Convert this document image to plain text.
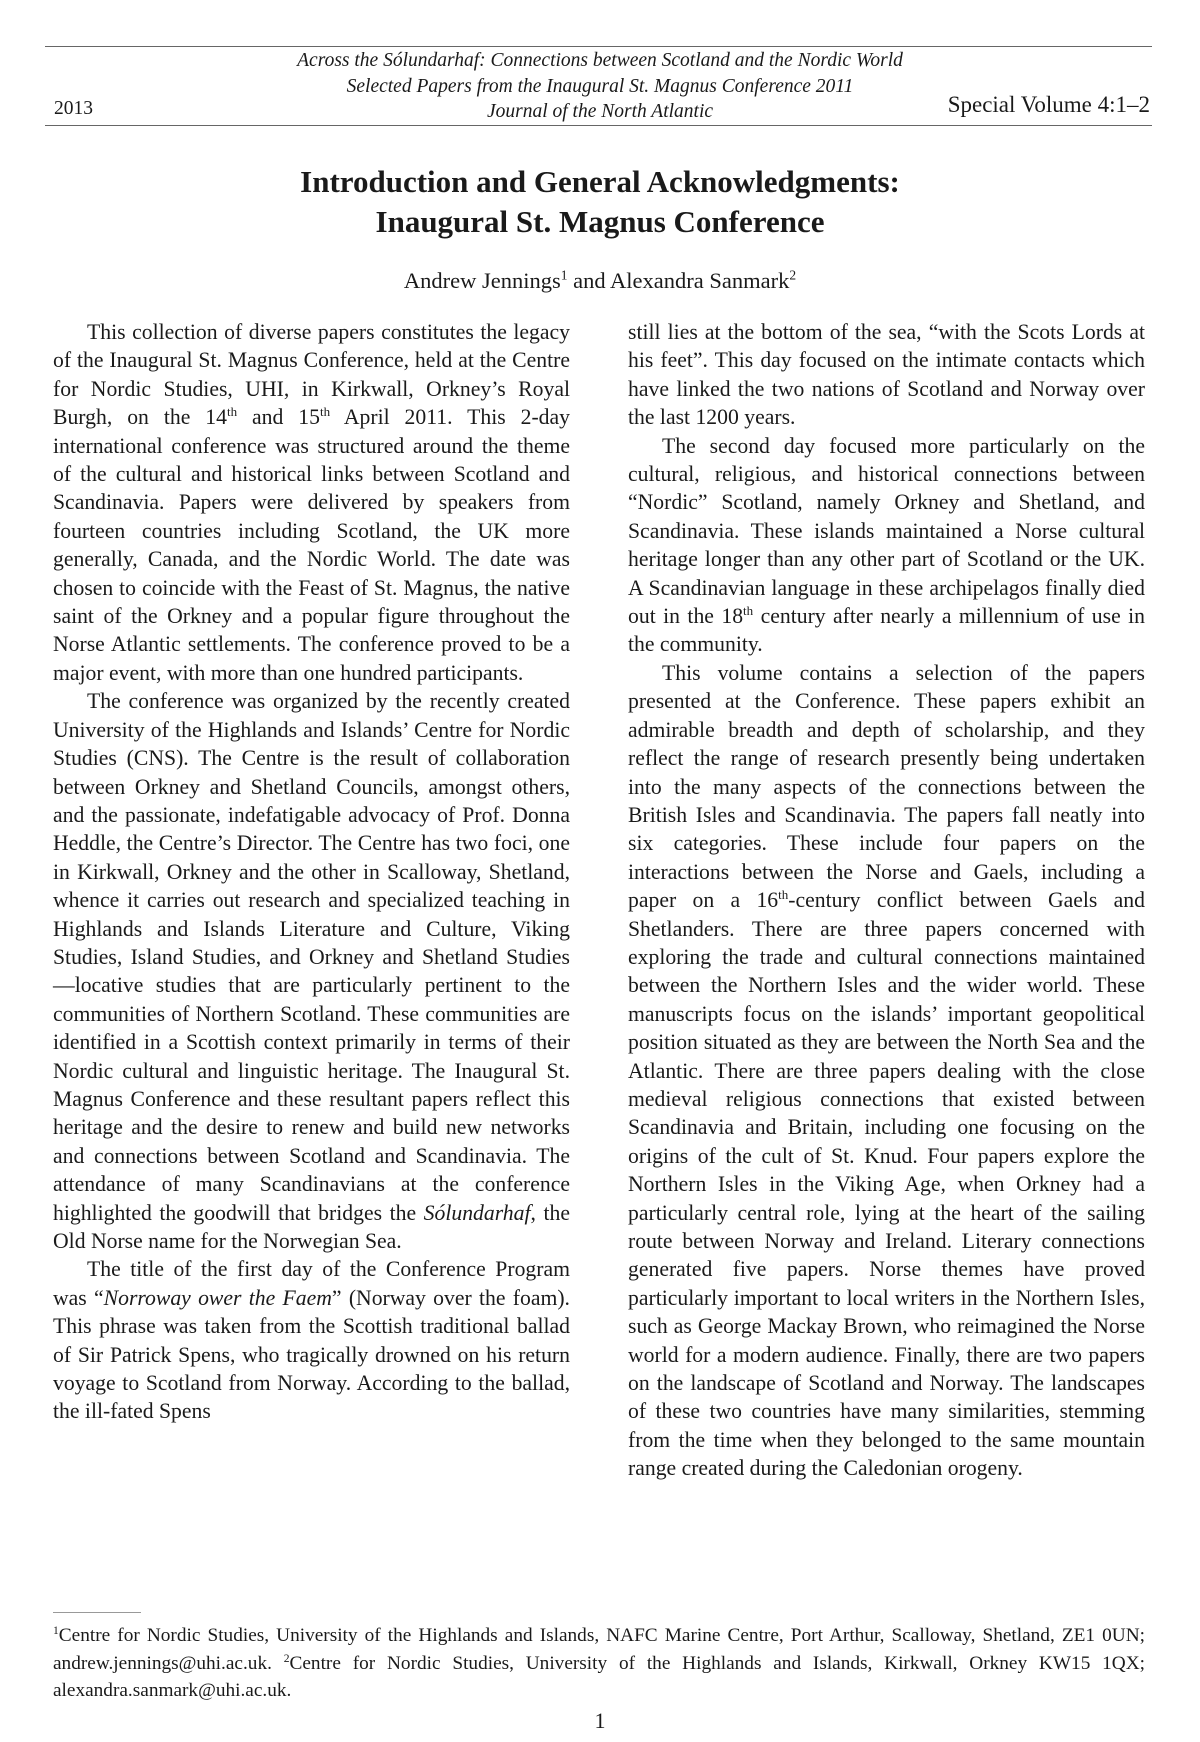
Across the Sólundarhaf: Connections between Scotland and the Nordic World
Selected Papers from the Inaugural St. Magnus Conference 2011
Journal of the North Atlantic
2013	Special Volume 4:1–2
Introduction and General Acknowledgments:
Inaugural St. Magnus Conference
Andrew Jennings$^1$ and Alexandra Sanmark$^2$

This collection of diverse papers constitutes the legacy of the Inaugural St. Magnus Conference, held at the Centre for Nordic Studies, UHI, in Kirkwall, Orkney’s Royal Burgh, on the 14th and 15th April 2011. This 2-day international conference was structured around the theme of the cultural and historical links between Scotland and Scandinavia. Papers were delivered by speakers from fourteen countries including Scotland, the UK more generally, Canada, and the Nordic World. The date was chosen to coincide with the Feast of St. Magnus, the native saint of the Orkney and a popular figure throughout the Norse Atlantic settlements. The conference proved to be a major event, with more than one hundred participants.

The conference was organized by the recently created University of the Highlands and Islands’ Centre for Nordic Studies (CNS). The Centre is the result of collaboration between Orkney and Shetland Councils, amongst others, and the passionate, indefatigable advocacy of Prof. Donna Heddle, the Centre’s Director. The Centre has two foci, one in Kirkwall, Orkney and the other in Scalloway, Shetland, whence it carries out research and specialized teaching in Highlands and Islands Literature and Culture, Viking Studies, Island Studies, and Orkney and Shetland Studies—locative studies that are particularly pertinent to the communities of Northern Scotland. These communities are identified in a Scottish context primarily in terms of their Nordic cultural and linguistic heritage. The Inaugural St. Magnus Conference and these resultant papers reflect this heritage and the desire to renew and build new networks and connections between Scotland and Scandinavia. The attendance of many Scandinavians at the conference highlighted the goodwill that bridges the Sólundarhaf, the Old Norse name for the Norwegian Sea.

The title of the first day of the Conference Program was “Norroway ower the Faem” (Norway over the foam). This phrase was taken from the Scottish traditional ballad of Sir Patrick Spens, who tragically drowned on his return voyage to Scotland from Norway. According to the ballad, the ill-fated Spens

still lies at the bottom of the sea, “with the Scots Lords at his feet”. This day focused on the intimate contacts which have linked the two nations of Scotland and Norway over the last 1200 years.

The second day focused more particularly on the cultural, religious, and historical connections between “Nordic” Scotland, namely Orkney and Shetland, and Scandinavia. These islands maintained a Norse cultural heritage longer than any other part of Scotland or the UK. A Scandinavian language in these archipelagos finally died out in the 18th century after nearly a millennium of use in the community.

This volume contains a selection of the papers presented at the Conference. These papers exhibit an admirable breadth and depth of scholarship, and they reflect the range of research presently being undertaken into the many aspects of the connections between the British Isles and Scandinavia. The papers fall neatly into six categories. These include four papers on the interactions between the Norse and Gaels, including a paper on a 16th-century conflict between Gaels and Shetlanders. There are three papers concerned with exploring the trade and cultural connections maintained between the Northern Isles and the wider world. These manuscripts focus on the islands’ important geopolitical position situated as they are between the North Sea and the Atlantic. There are three papers dealing with the close medieval religious connections that existed between Scandinavia and Britain, including one focusing on the origins of the cult of St. Knud. Four papers explore the Northern Isles in the Viking Age, when Orkney had a particularly central role, lying at the heart of the sailing route between Norway and Ireland. Literary connections generated five papers. Norse themes have proved particularly important to local writers in the Northern Isles, such as George Mackay Brown, who reimagined the Norse world for a modern audience. Finally, there are two papers on the landscape of Scotland and Norway. The landscapes of these two countries have many similarities, stemming from the time when they belonged to the same mountain range created during the Caledonian orogeny.

$^1$Centre for Nordic Studies, University of the Highlands and Islands, NAFC Marine Centre, Port Arthur, Scalloway, Shetland, ZE1 0UN; andrew.jennings@uhi.ac.uk. $^2$Centre for Nordic Studies, University of the Highlands and Islands, Kirkwall, Orkney KW15 1QX; alexandra.sanmark@uhi.ac.uk.
1
